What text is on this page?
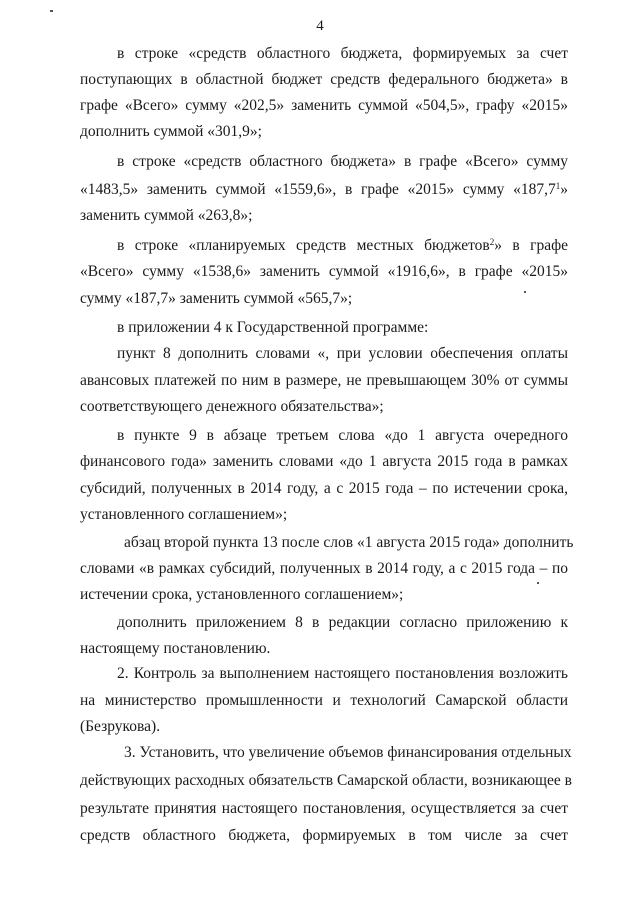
4
в строке «средств областного бюджета, формируемых за счет
поступающих в областной бюджет средств федерального бюджета» в
графе «Всего» сумму «202,5» заменить суммой «504,5», графу «2015»
дополнить суммой «301,9»;
в строке «средств областного бюджета» в графе «Всего» сумму
«1483,5» заменить суммой «1559,6», в графе «2015» сумму «187,7$^1$»
заменить суммой «263,8»;
в строке «планируемых средств местных бюджетов$^2$» в графе
«Всего» сумму «1538,6» заменить суммой «1916,6», в графе «2015»
сумму «187,7» заменить суммой «565,7»;
в приложении 4 к Государственной программе:
пункт 8 дополнить словами «, при условии обеспечения оплаты
авансовых платежей по ним в размере, не превышающем 30% от суммы
соответствующего денежного обязательства»;
в пункте 9 в абзаце третьем слова «до 1 августа очередного
финансового года» заменить словами «до 1 августа 2015 года в рамках
субсидий, полученных в 2014 году, а с 2015 года – по истечении срока,
установленного соглашением»;
абзац второй пункта 13 после слов «1 августа 2015 года» дополнить
словами «в рамках субсидий, полученных в 2014 году, а с 2015 года – по
истечении срока, установленного соглашением»;
дополнить приложением 8 в редакции согласно приложению к
настоящему постановлению.
2. Контроль за выполнением настоящего постановления возложить
на министерство промышленности и технологий Самарской области
(Безрукова).
3. Установить, что увеличение объемов финансирования отдельных
действующих расходных обязательств Самарской области, возникающее в
результате принятия настоящего постановления, осуществляется за счет
средств областного бюджета, формируемых в том числе за счет
